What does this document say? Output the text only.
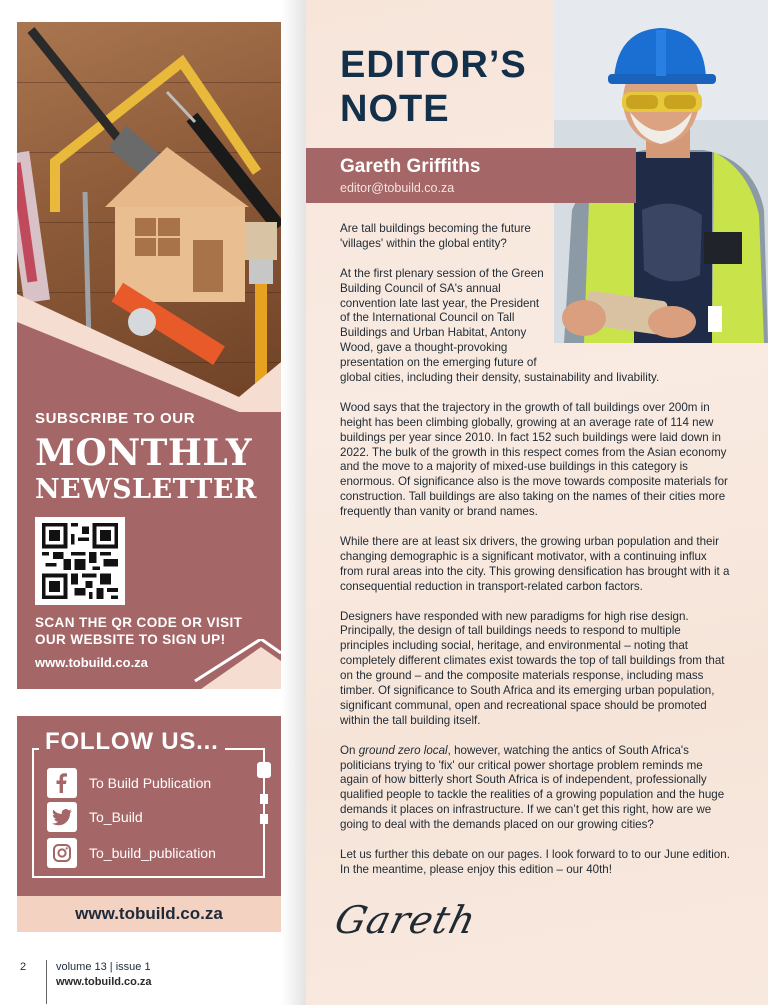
SUBSCRIBE TO OUR
MONTHLY
NEWSLETTER
SCAN THE QR CODE OR VISIT OUR WEBSITE TO SIGN UP!
www.tobuild.co.za
FOLLOW US...
To Build Publication
To_Build
To_build_publication
www.tobuild.co.za
2	volume 13 | issue 1
www.tobuild.co.za
EDITOR’S
NOTE
Gareth Griffiths
editor@tobuild.co.za

Are tall buildings becoming the future 'villages' within the global entity?

At the first plenary session of the Green Building Council of SA's annual convention late last year, the President of the International Council on Tall Buildings and Urban Habitat, Antony Wood, gave a thought-provoking presentation on the emerging future of
global cities, including their density, sustainability and livability.

Wood says that the trajectory in the growth of tall buildings over 200m in height has been climbing globally, growing at an average rate of 114 new buildings per year since 2010. In fact 152 such buildings were laid down in 2022. The bulk of the growth in this respect comes from the Asian economy and the move to a majority of mixed-use buildings in this category is enormous. Of significance also is the move towards composite materials for construction. Tall buildings are also taking on the names of their cities more frequently than vanity or brand names.

While there are at least six drivers, the growing urban population and their changing demographic is a significant motivator, with a continuing influx from rural areas into the city. This growing densification has brought with it a consequential reduction in transport-related carbon factors.

Designers have responded with new paradigms for high rise design. Principally, the design of tall buildings needs to respond to multiple principles including social, heritage, and environmental – noting that completely different climates exist towards the top of tall buildings from that on the ground – and the composite materials response, including mass timber. Of significance to South Africa and its emerging urban population, significant communal, open and recreational space should be promoted within the tall building itself.

On ground zero local, however, watching the antics of South Africa's politicians trying to 'fix' our critical power shortage problem reminds me again of how bitterly short South Africa is of independent, professionally qualified people to tackle the realities of a growing population and the huge demands it places on infrastructure. If we can’t get this right, how are we going to deal with the demands placed on our growing cities?

Let us further this debate on our pages. I look forward to to our June edition. In the meantime, please enjoy this edition – our 40th!

Gareth
